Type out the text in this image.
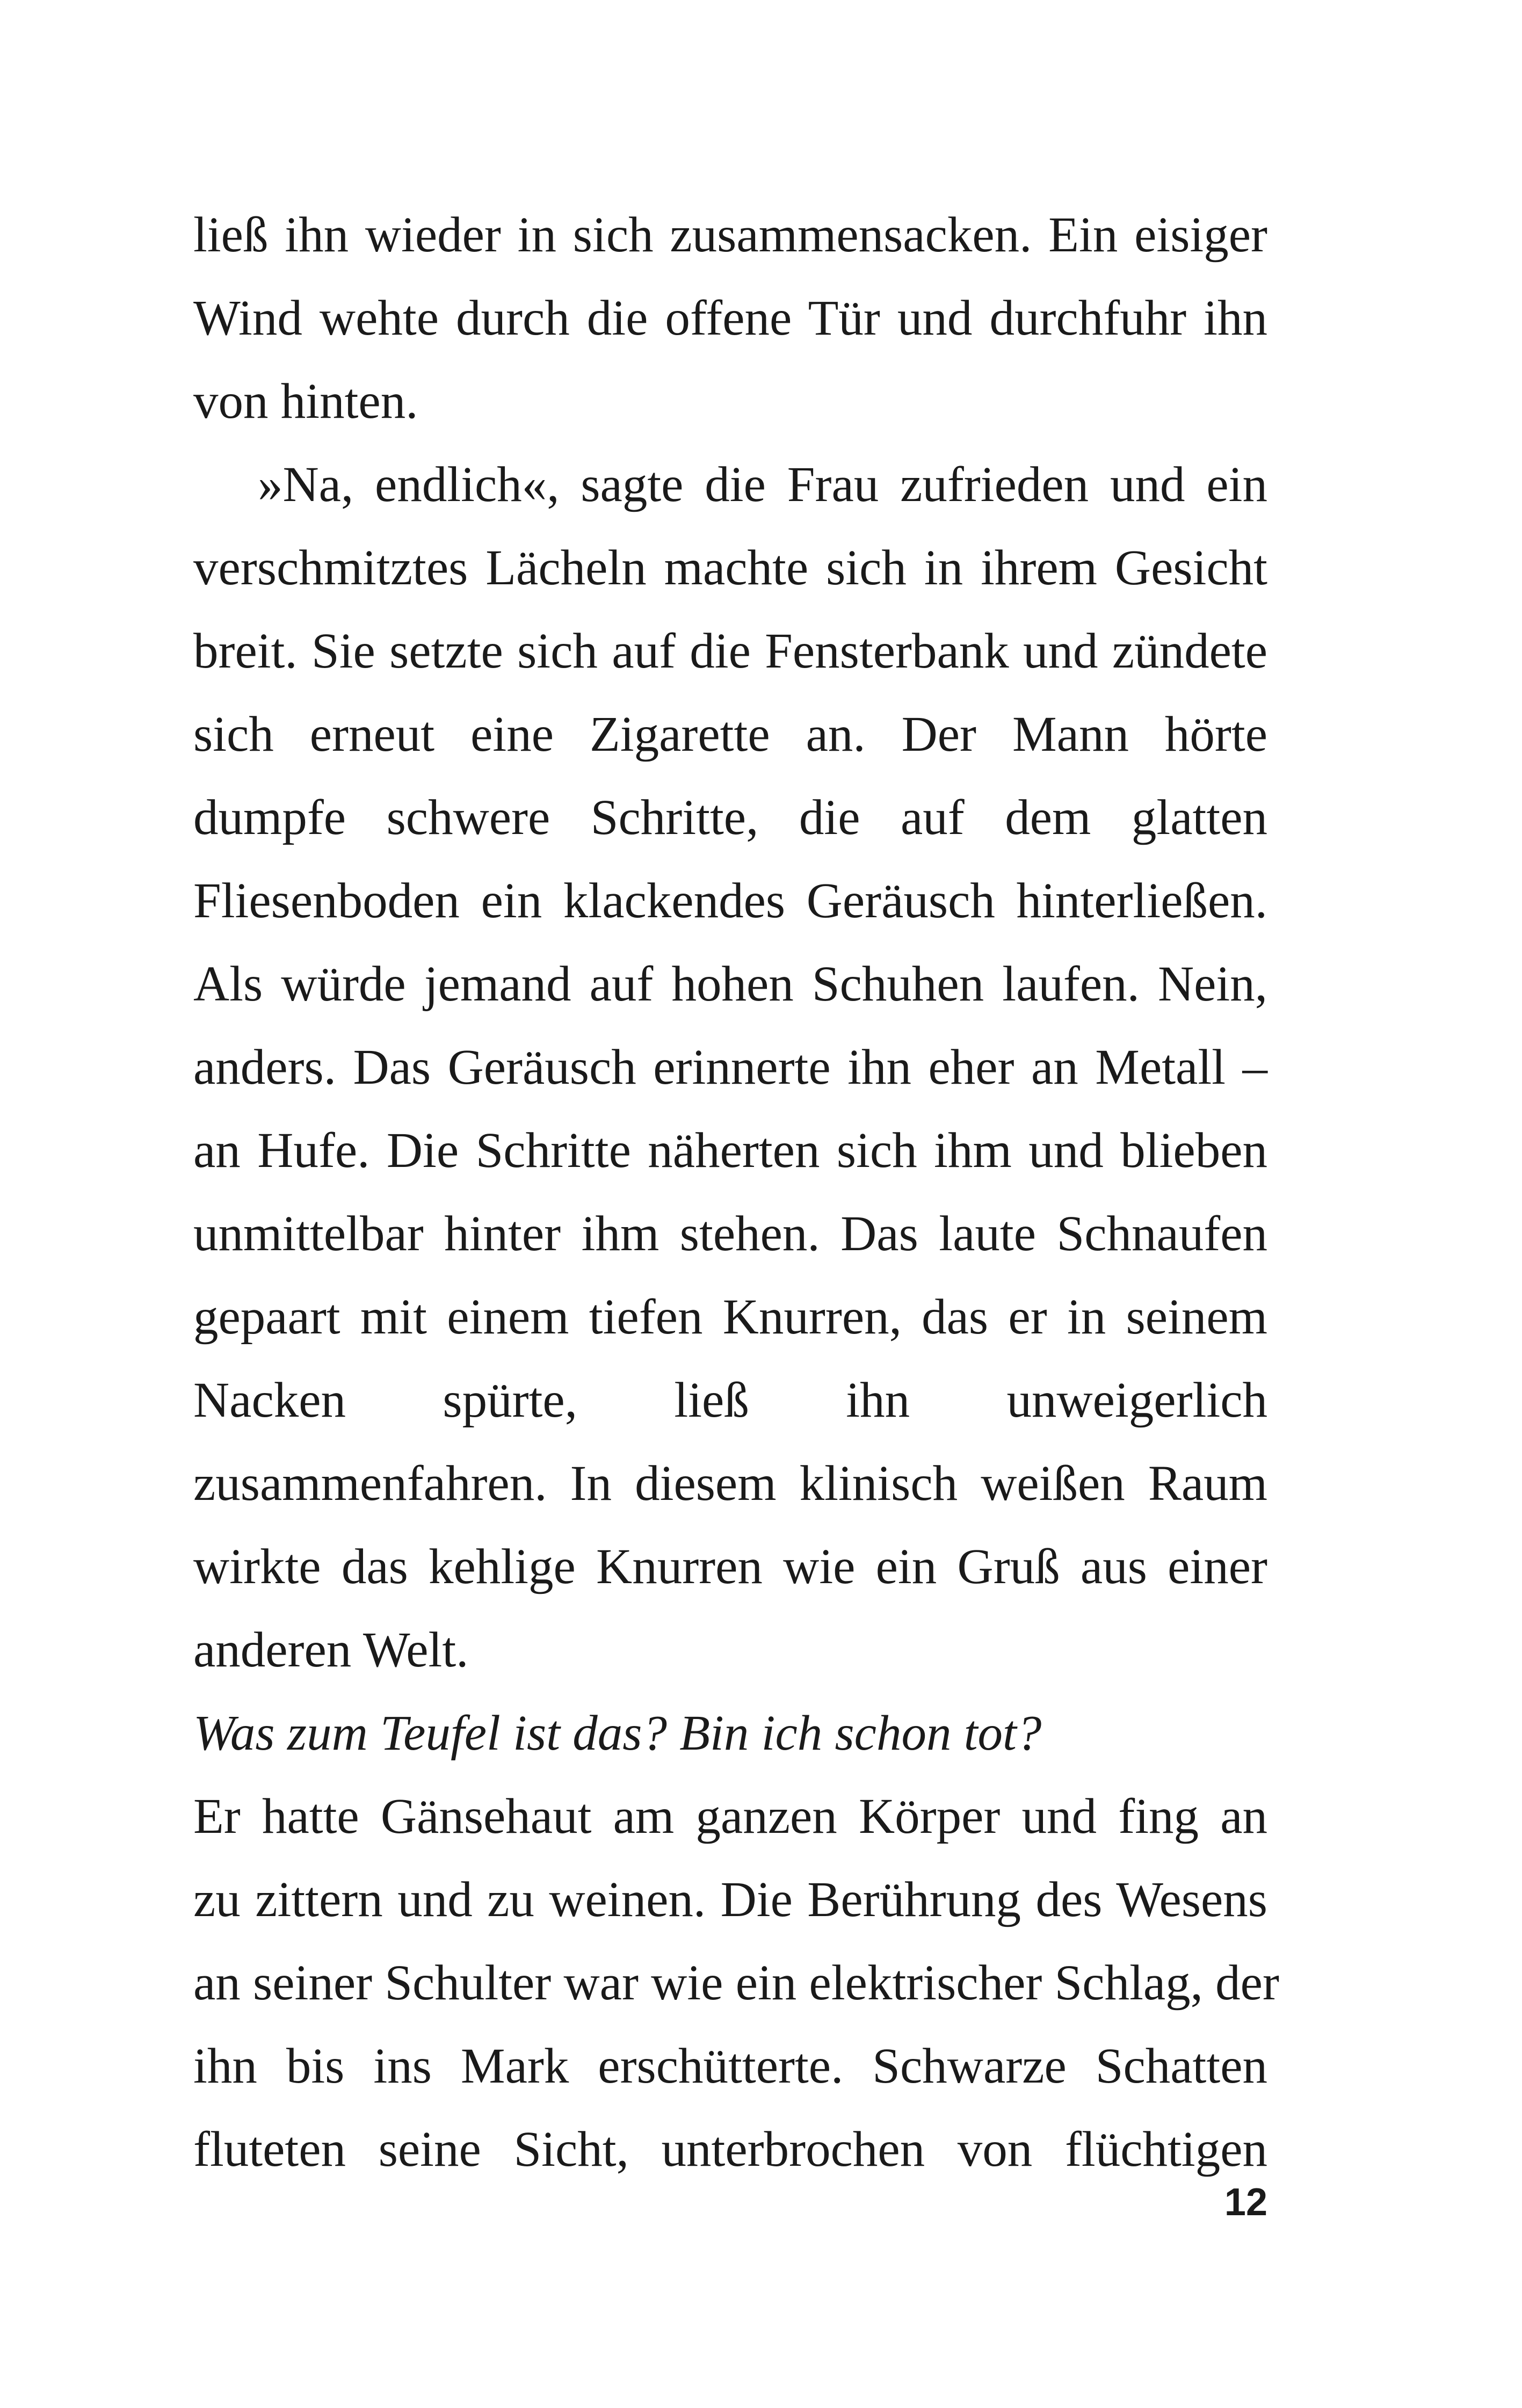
ließ ihn wieder in sich zusammensacken. Ein eisiger
Wind wehte durch die offene Tür und durchfuhr ihn
von hinten.
»Na, endlich«, sagte die Frau zufrieden und ein
verschmitztes Lächeln machte sich in ihrem Gesicht
breit. Sie setzte sich auf die Fensterbank und zündete
sich erneut eine Zigarette an. Der Mann hörte
dumpfe schwere Schritte, die auf dem glatten
Fliesenboden ein klackendes Geräusch hinterließen.
Als würde jemand auf hohen Schuhen laufen. Nein,
anders. Das Geräusch erinnerte ihn eher an Metall –
an Hufe. Die Schritte näherten sich ihm und blieben
unmittelbar hinter ihm stehen. Das laute Schnaufen
gepaart mit einem tiefen Knurren, das er in seinem
Nacken spürte, ließ ihn unweigerlich
zusammenfahren. In diesem klinisch weißen Raum
wirkte das kehlige Knurren wie ein Gruß aus einer
anderen Welt.
Was zum Teufel ist das? Bin ich schon tot?
Er hatte Gänsehaut am ganzen Körper und fing an
zu zittern und zu weinen. Die Berührung des Wesens
an seiner Schulter war wie ein elektrischer Schlag, der
ihn bis ins Mark erschütterte. Schwarze Schatten
fluteten seine Sicht, unterbrochen von flüchtigen
12
